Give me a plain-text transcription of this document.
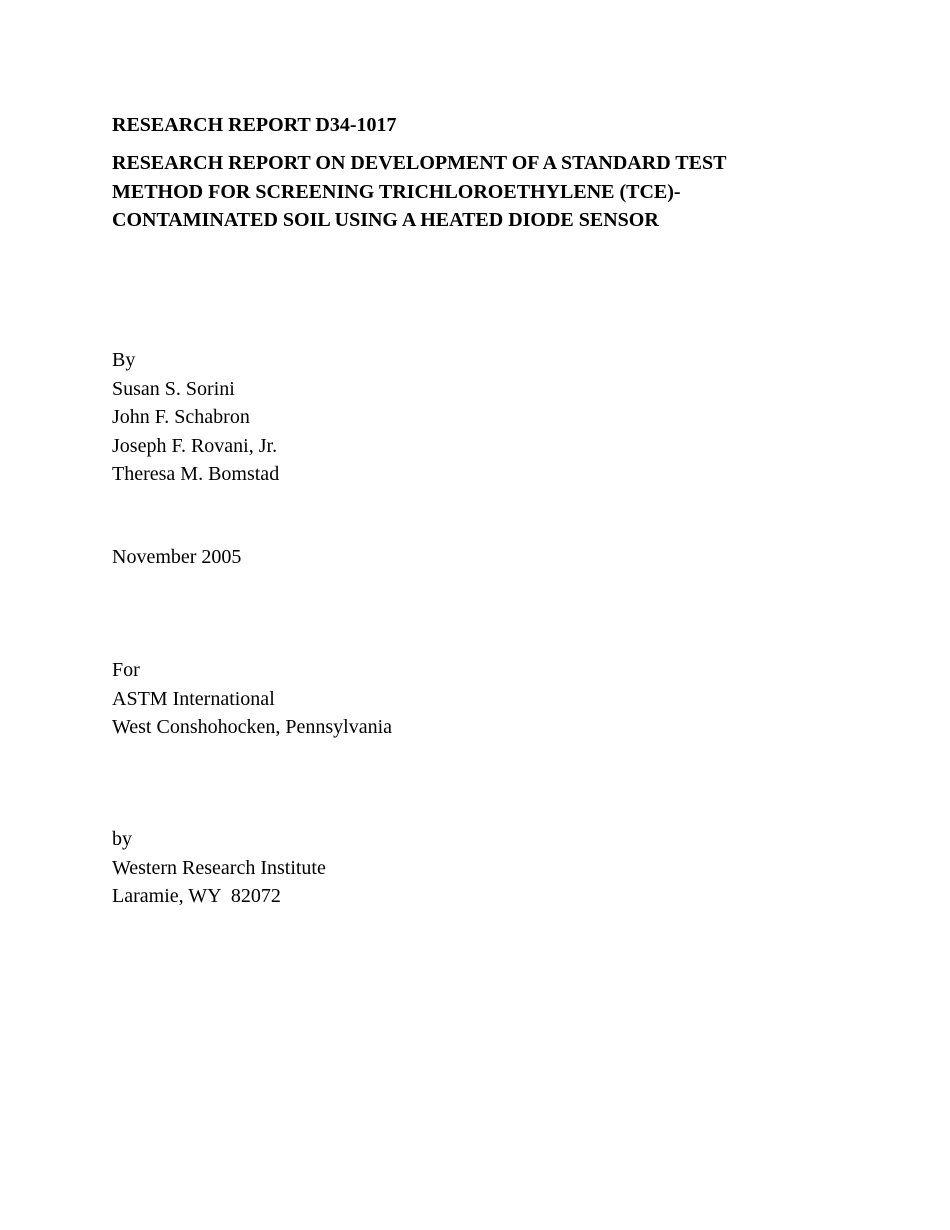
RESEARCH REPORT D34-1017
RESEARCH REPORT ON DEVELOPMENT OF A STANDARD TEST
METHOD FOR SCREENING TRICHLOROETHYLENE (TCE)-
CONTAMINATED SOIL USING A HEATED DIODE SENSOR
By
Susan S. Sorini
John F. Schabron
Joseph F. Rovani, Jr.
Theresa M. Bomstad
November 2005
For
ASTM International
West Conshohocken, Pennsylvania
by
Western Research Institute
Laramie, WY  82072
